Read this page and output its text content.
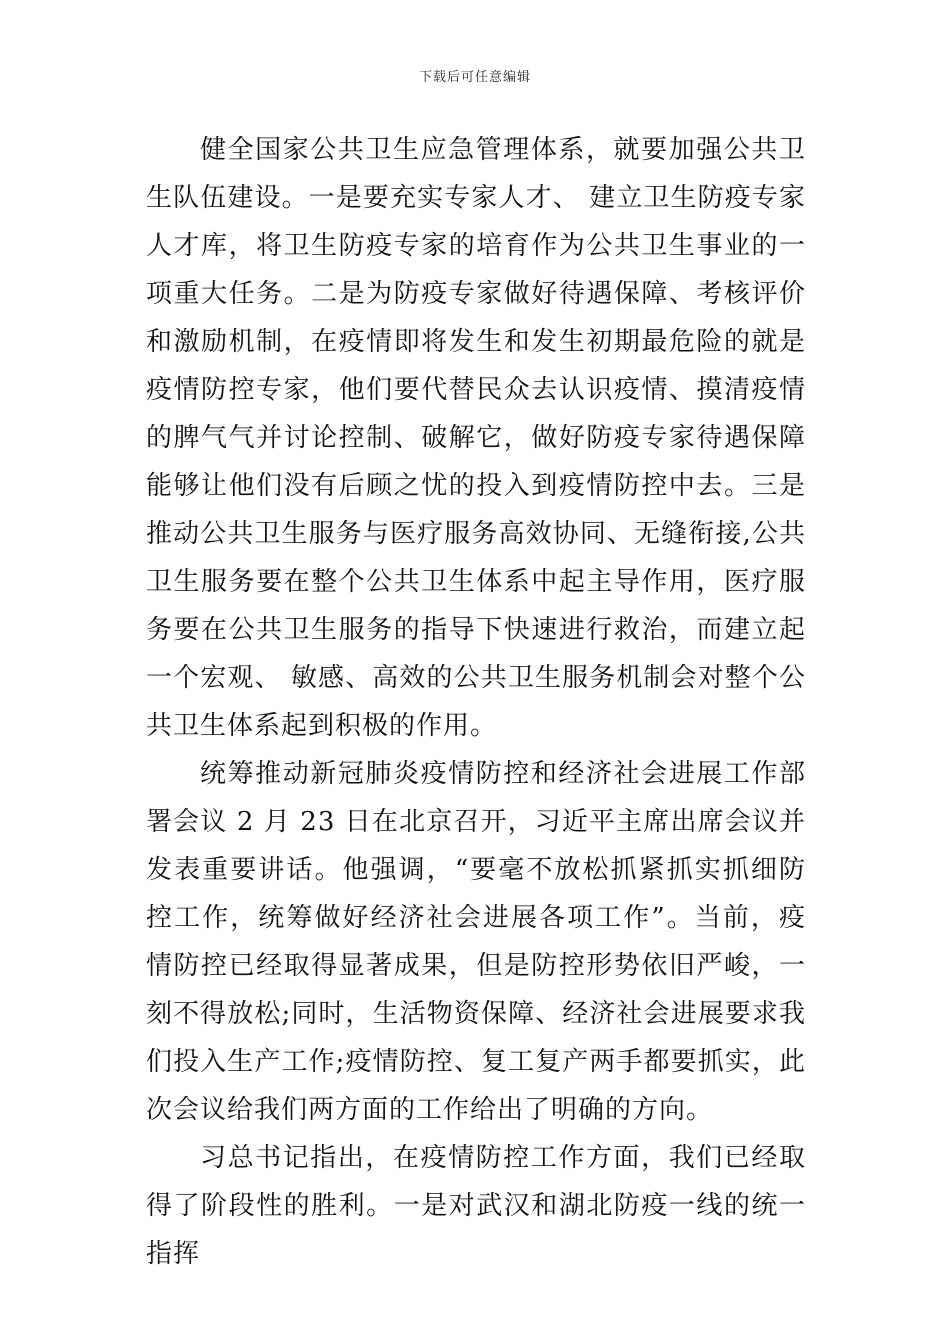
下载后可任意编辑

健全国家公共卫生应急管理体系，就要加强公共卫生队伍建设。一是要充实专家人才、 建立卫生防疫专家人才库，将卫生防疫专家的培育作为公共卫生事业的一项重大任务。二是为防疫专家做好待遇保障、考核评价和激励机制，在疫情即将发生和发生初期最危险的就是疫情防控专家，他们要代替民众去认识疫情、摸清疫情的脾气气并讨论控制、破解它，做好防疫专家待遇保障能够让他们没有后顾之忧的投入到疫情防控中去。三是推动公共卫生服务与医疗服务高效协同、无缝衔接,公共卫生服务要在整个公共卫生体系中起主导作用，医疗服务要在公共卫生服务的指导下快速进行救治，而建立起一个宏观、 敏感、高效的公共卫生服务机制会对整个公共卫生体系起到积极的作用。

统筹推动新冠肺炎疫情防控和经济社会进展工作部署会议 2 月 23 日在北京召开，习近平主席出席会议并发表重要讲话。他强调，“要毫不放松抓紧抓实抓细防控工作，统筹做好经济社会进展各项工作”。当前，疫情防控已经取得显著成果，但是防控形势依旧严峻，一刻不得放松;同时，生活物资保障、经济社会进展要求我们投入生产工作;疫情防控、复工复产两手都要抓实，此次会议给我们两方面的工作给出了明确的方向。

习总书记指出，在疫情防控工作方面，我们已经取得了阶段性的胜利。一是对武汉和湖北防疫一线的统一指挥
